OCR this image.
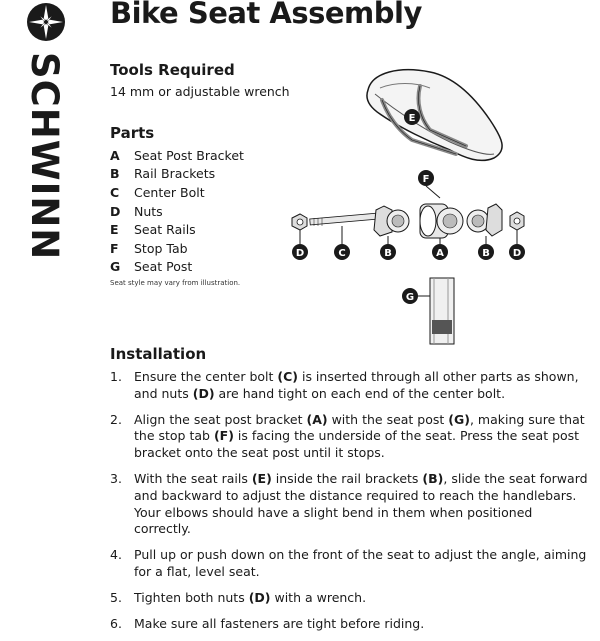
SCHWINN
Bike Seat Assembly
Tools Required
14 mm or adjustable wrench
Parts
A	Seat Post Bracket
B	Rail Brackets
C	Center Bolt
D	Nuts
E	Seat Rails
F	Stop Tab
G	Seat Post
Seat style may vary from illustration.
E
F
D	C	B	A	B D
G
Installation
1. Ensure the center bolt (C) is inserted through all other parts as shown, and nuts (D) are hand tight on each end of the center bolt.
2. Align the seat post bracket (A) with the seat post (G), making sure that the stop tab (F) is facing the underside of the seat. Press the seat post bracket onto the seat post until it stops.
3. With the seat rails (E) inside the rail brackets (B), slide the seat forward and backward to adjust the distance required to reach the handlebars. Your elbows should have a slight bend in them when positioned correctly.
4. Pull up or push down on the front of the seat to adjust the angle, aiming for a flat, level seat.
5. Tighten both nuts (D) with a wrench.
6. Make sure all fasteners are tight before riding.
